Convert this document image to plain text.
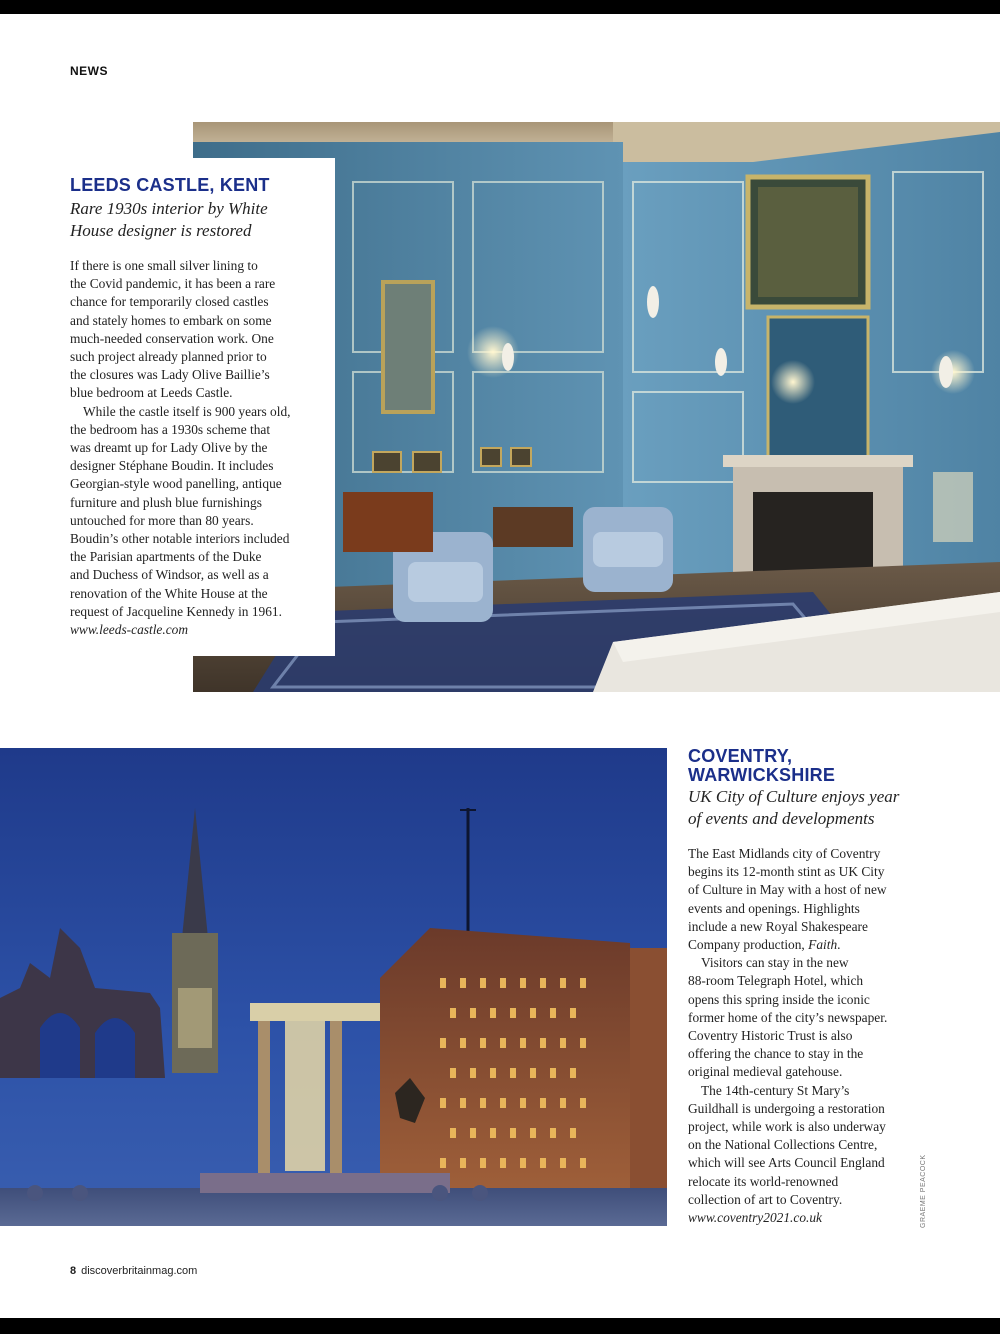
NEWS
LEEDS CASTLE, KENT
Rare 1930s interior by White
House designer is restored
If there is one small silver lining to
the Covid pandemic, it has been a rare
chance for temporarily closed castles
and stately homes to embark on some
much-needed conservation work. One
such project already planned prior to
the closures was Lady Olive Baillie’s
blue bedroom at Leeds Castle.
While the castle itself is 900 years old,
the bedroom has a 1930s scheme that
was dreamt up for Lady Olive by the
designer Stéphane Boudin. It includes
Georgian-style wood panelling, antique
furniture and plush blue furnishings
untouched for more than 80 years.
Boudin’s other notable interiors included
the Parisian apartments of the Duke
and Duchess of Windsor, as well as a
renovation of the White House at the
request of Jacqueline Kennedy in 1961.
www.leeds-castle.com
COVENTRY,
WARWICKSHIRE
UK City of Culture enjoys year
of events and developments
The East Midlands city of Coventry
begins its 12-month stint as UK City
of Culture in May with a host of new
events and openings. Highlights
include a new Royal Shakespeare
Company production, Faith.
Visitors can stay in the new
88-room Telegraph Hotel, which
opens this spring inside the iconic
former home of the city’s newspaper.
Coventry Historic Trust is also
offering the chance to stay in the
original medieval gatehouse.
The 14th-century St Mary’s
Guildhall is undergoing a restoration
project, while work is also underway
on the National Collections Centre,
which will see Arts Council England
relocate its world-renowned
collection of art to Coventry.
www.coventry2021.co.uk	GRAEME PEACOCK
8 discoverbritainmag.com
